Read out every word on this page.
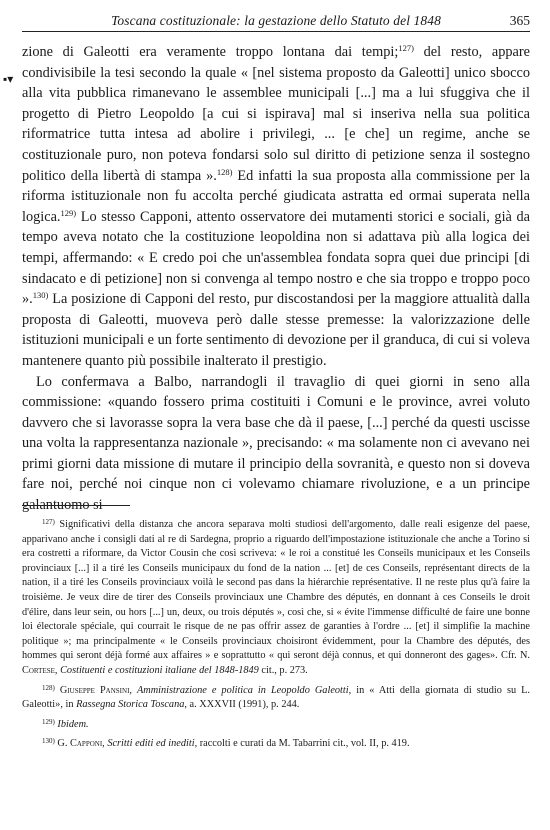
Toscana costituzionale: la gestazione dello Statuto del 1848	365
▪▾

zione di Galeotti era veramente troppo lontana dai tempi;$^{127)}$ del resto, appare condivisibile la tesi secondo la quale « [nel sistema proposto da Galeotti] unico sbocco alla vita pubblica rimanevano le assemblee municipali [...] ma a lui sfuggiva che il progetto di Pietro Leopoldo [a cui si ispirava] mal si inseriva nella sua politica riformatrice tutta intesa ad abolire i privilegi, ... [e che] un regime, anche se costituzionale puro, non poteva fondarsi solo sul diritto di petizione senza il sostegno politico della libertà di stampa ».$^{128)}$ Ed infatti la sua proposta alla commissione per la riforma istituzionale non fu accolta perché giudicata astratta ed ormai superata nella logica.$^{129)}$ Lo stesso Capponi, attento osservatore dei mutamenti storici e sociali, già da tempo aveva notato che la costituzione leopoldina non si adattava più alla logica dei tempi, affermando: « E credo poi che un'assemblea fondata sopra quei due principi [di sindacato e di petizione] non si convenga al tempo nostro e che sia troppo e troppo poco ».$^{130)}$ La posizione di Capponi del resto, pur discostandosi per la maggiore attualità dalla proposta di Galeotti, muoveva però dalle stesse premesse: la valorizzazione delle istituzioni municipali e un forte sentimento di devozione per il granduca, di cui si voleva mantenere quanto più possibile inalterato il prestigio.

Lo confermava a Balbo, narrandogli il travaglio di quei giorni in seno alla commissione: «quando fossero prima costituiti i Comuni e le province, avrei voluto davvero che si lavorasse sopra la vera base che dà il paese, [...] perché da questi uscisse una volta la rappresentanza nazionale », precisando: « ma solamente non ci avevano nei primi giorni data missione di mutare il principio della sovranità, e questo non si doveva fare noi, perché noi cinque non ci volevamo chiamare rivoluzione, e a un principe galantuomo si

$^{127)}$ Significativi della distanza che ancora separava molti studiosi dell'argomento, dalle reali esigenze del paese, apparivano anche i consigli dati al re di Sardegna, proprio a riguardo dell'impostazione istituzionale che anche a Torino si era costretti a riformare, da Victor Cousin che così scriveva: « le roi a constitué les Conseils municipaux et les Conseils provinciaux [...] il a tiré les Conseils municipaux du fond de la nation ... [et] de ces Conseils, représentant directs de la nation, il a tiré les Conseils provinciaux voilà le second pas dans la hiérarchie représentative. Il ne reste plus qu'à faire la troisième. Je veux dire de tirer des Conseils provinciaux une Chambre des députés, en donnant à ces Conseils le droit d'élire, dans leur sein, ou hors [...] un, deux, ou trois députés », così che, si « évite l'immense difficulté de faire une bonne loi électorale spéciale, qui courrait le risque de ne pas offrir assez de garanties à l'ordre ... [et] il simplifie la machine politique »; ma principalmente « le Conseils provinciaux choisiront évidemment, pour la Chambre des députés, des hommes qui seront déjà formé aux affaires » e soprattutto « qui seront déjà connus, et qui donneront des gages». Cfr. N. Cortese, Costituenti e costituzioni italiane del 1848-1849 cit., p. 273.

$^{128)}$ Giuseppe Pansini, Amministrazione e politica in Leopoldo Galeotti, in « Atti della giornata di studio su L. Galeotti», in Rassegna Storica Toscana, a. XXXVII (1991), p. 244.

$^{129)}$ Ibidem.

$^{130)}$ G. Capponi, Scritti editi ed inediti, raccolti e curati da M. Tabarrini cit., vol. II, p. 419.
